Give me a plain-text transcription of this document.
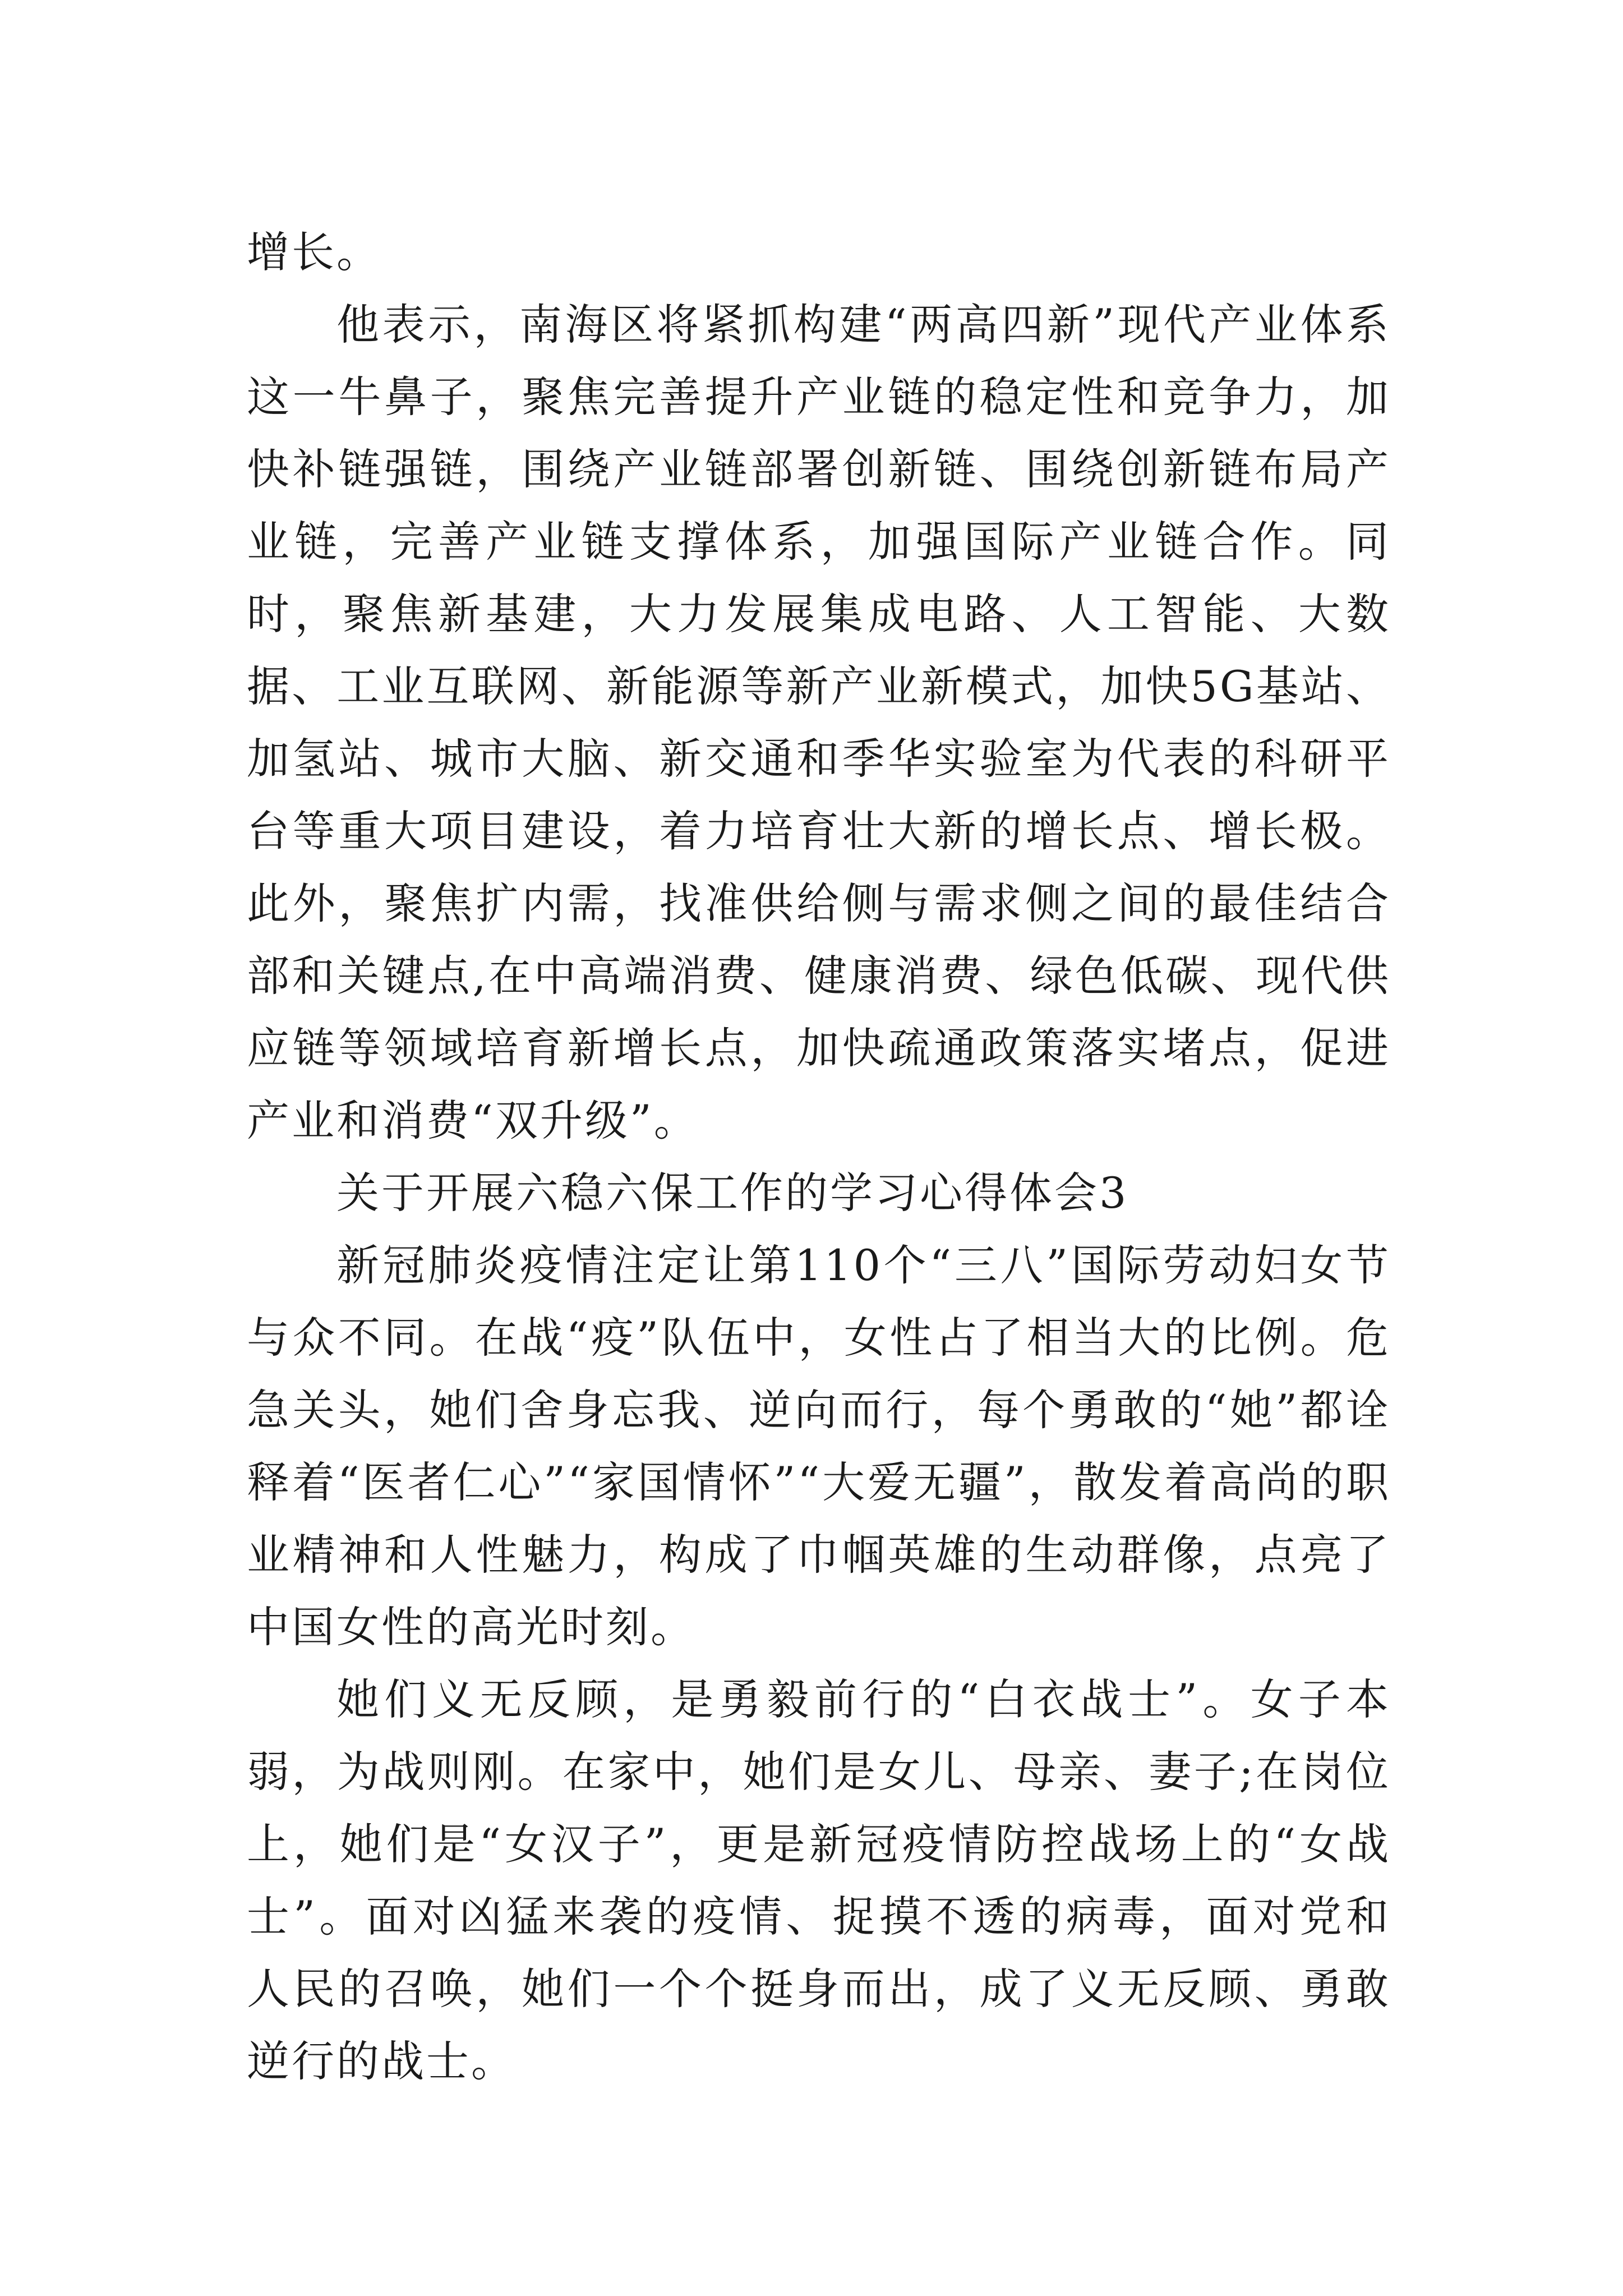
增长。

他表示，南海区将紧抓构建“两高四新”现代产业体系这一牛鼻子，聚焦完善提升产业链的稳定性和竞争力，加快补链强链，围绕产业链部署创新链、围绕创新链布局产业链，完善产业链支撑体系，加强国际产业链合作。同时，聚焦新基建，大力发展集成电路、人工智能、大数据、工业互联网、新能源等新产业新模式，加快5G基站、加氢站、城市大脑、新交通和季华实验室为代表的科研平台等重大项目建设，着力培育壮大新的增长点、增长极。此外，聚焦扩内需，找准供给侧与需求侧之间的最佳结合部和关键点,在中高端消费、健康消费、绿色低碳、现代供应链等领域培育新增长点，加快疏通政策落实堵点，促进产业和消费“双升级”。

关于开展六稳六保工作的学习心得体会3

新冠肺炎疫情注定让第110个“三八”国际劳动妇女节与众不同。在战“疫”队伍中，女性占了相当大的比例。危急关头，她们舍身忘我、逆向而行，每个勇敢的“她”都诠释着“医者仁心”“家国情怀”“大爱无疆”，散发着高尚的职业精神和人性魅力，构成了巾帼英雄的生动群像，点亮了中国女性的高光时刻。

她们义无反顾，是勇毅前行的“白衣战士”。女子本弱，为战则刚。在家中，她们是女儿、母亲、妻子;在岗位上，她们是“女汉子”，更是新冠疫情防控战场上的“女战士”。面对凶猛来袭的疫情、捉摸不透的病毒，面对党和人民的召唤，她们一个个挺身而出，成了义无反顾、勇敢逆行的战士。
